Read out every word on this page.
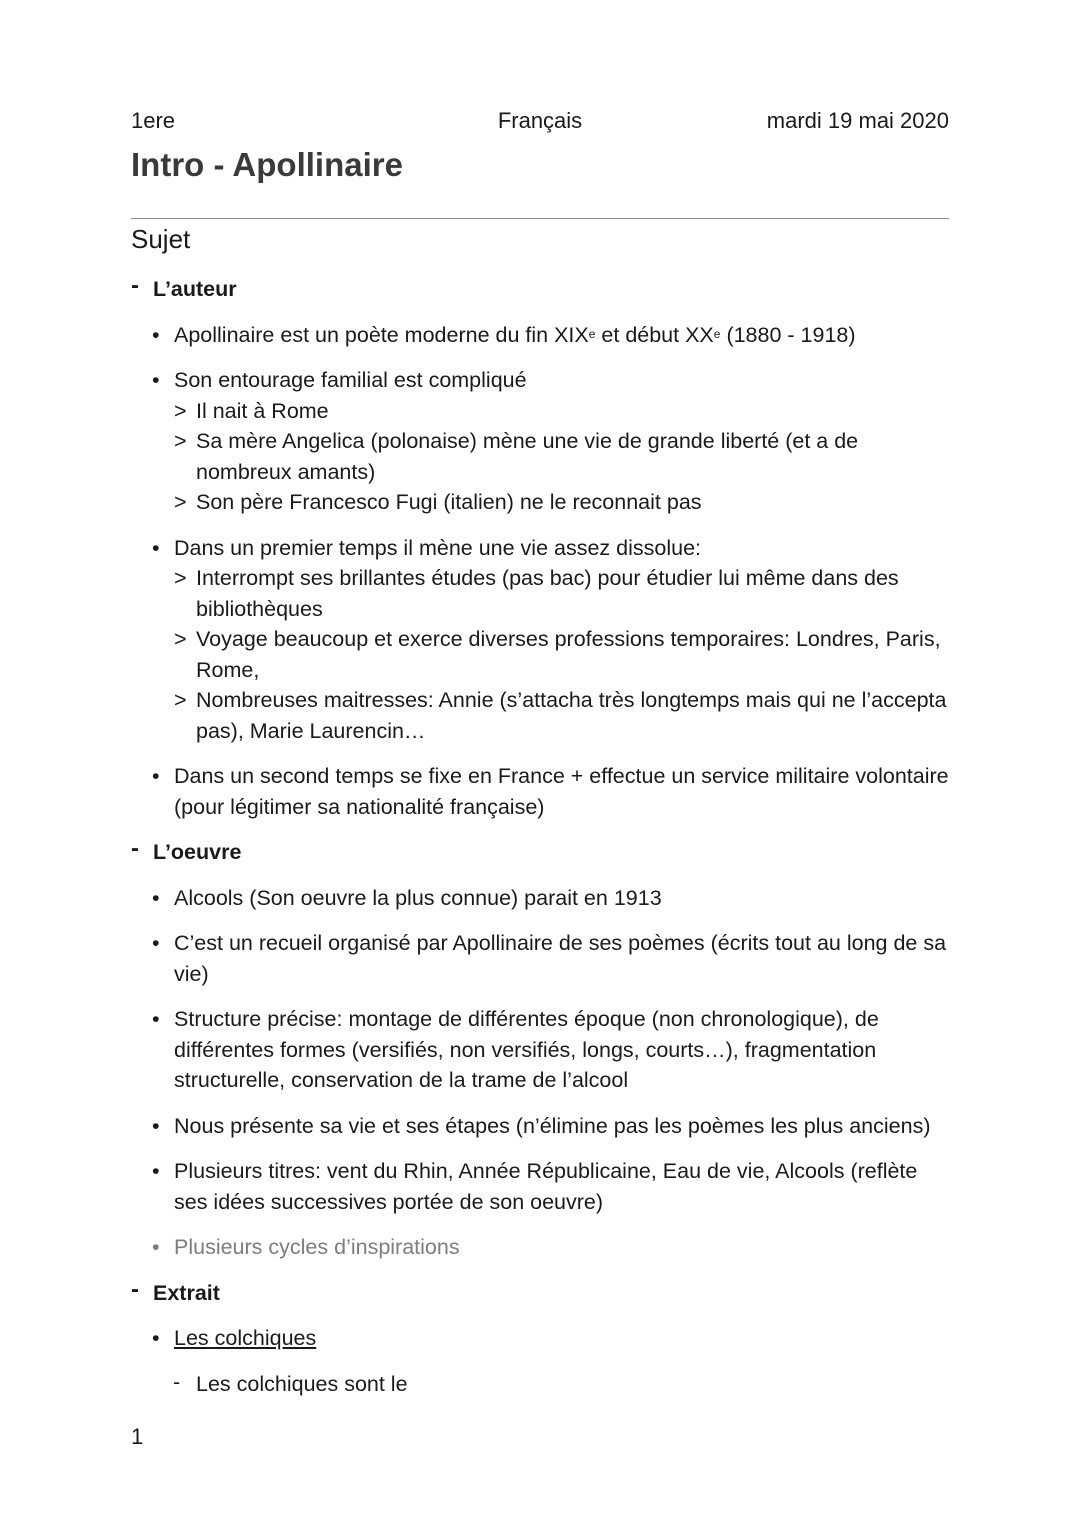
1ere	Français	mardi 19 mai 2020
Intro - Apollinaire
Sujet
- L’auteur
• Apollinaire est un poète moderne du fin XIXe et début XXe (1880 - 1918)
• Son entourage familial est compliqué
> Il nait à Rome
> Sa mère Angelica (polonaise) mène une vie de grande liberté (et a de nombreux amants)
> Son père Francesco Fugi (italien) ne le reconnait pas
• Dans un premier temps il mène une vie assez dissolue:
> Interrompt ses brillantes études (pas bac) pour étudier lui même dans des bibliothèques
> Voyage beaucoup et exerce diverses professions temporaires: Londres, Paris, Rome,
> Nombreuses maitresses: Annie (s’attacha très longtemps mais qui ne l’accepta pas), Marie Laurencin…
• Dans un second temps se fixe en France + effectue un service militaire volontaire (pour légitimer sa nationalité française)
- L’oeuvre
• Alcools (Son oeuvre la plus connue) parait en 1913
• C’est un recueil organisé par Apollinaire de ses poèmes (écrits tout au long de sa vie)
• Structure précise: montage de différentes époque (non chronologique), de différentes formes (versifiés, non versifiés, longs, courts…), fragmentation structurelle, conservation de la trame de l’alcool
• Nous présente sa vie et ses étapes (n’élimine pas les poèmes les plus anciens)
• Plusieurs titres: vent du Rhin, Année Républicaine, Eau de vie, Alcools (reflète ses idées successives portée de son oeuvre)
• Plusieurs cycles d’inspirations
- Extrait
• Les colchiques
- Les colchiques sont le
1
